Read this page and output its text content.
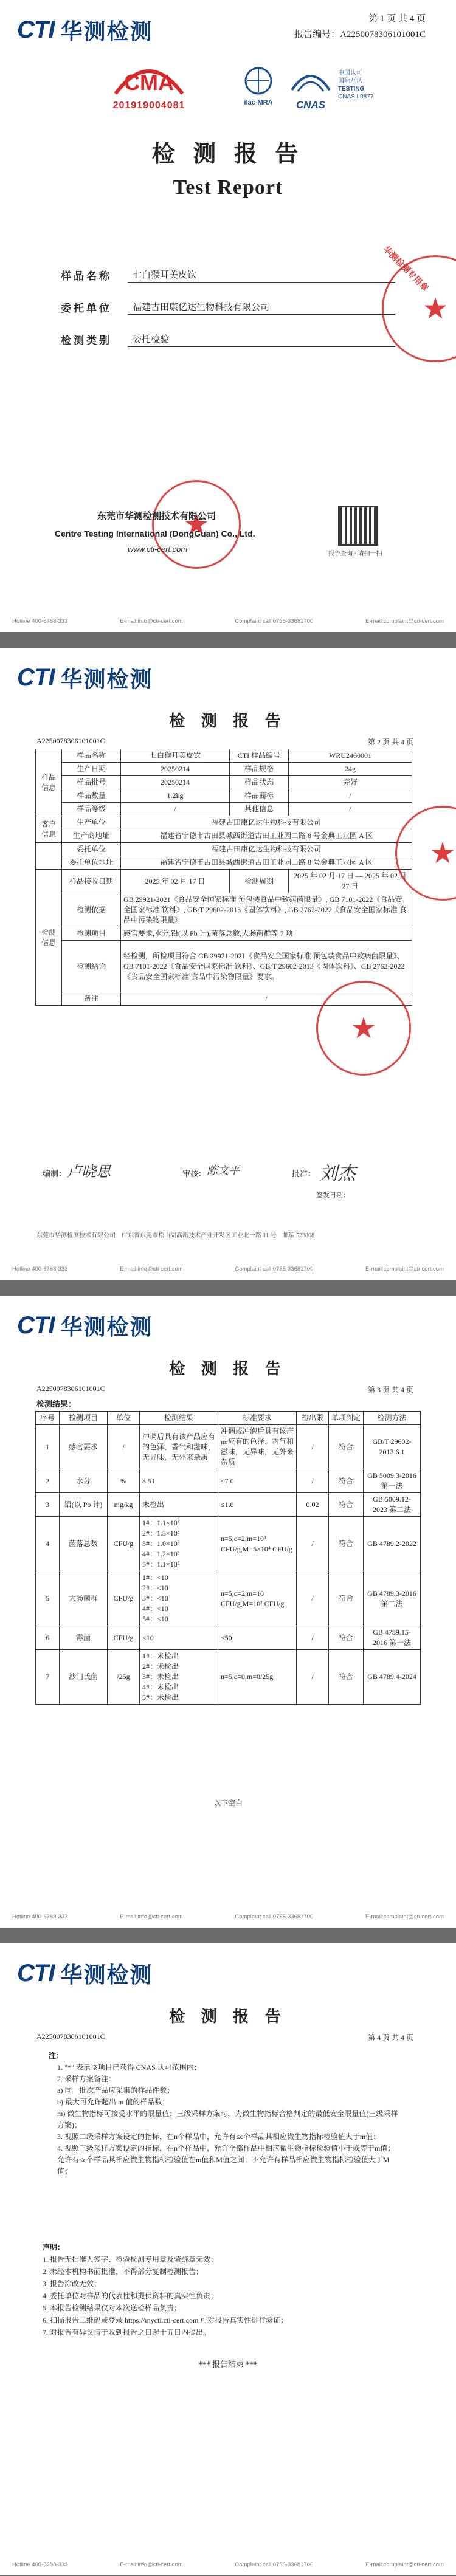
CTI 华测检测	第 1 页 共 4 页
报告编号：A2250078306101001C
CMA
201919004081	ilac-MRA	CNAS
中国认可
国际互认
TESTING
CNAS L0877
检 测 报 告
Test Report
★
华测检测专用章
样品名称	七白猴耳美皮饮
委托单位	福建古田康亿达生物科技有限公司
检测类别	委托检验
★
东莞市华测检测技术有限公司
Centre Testing International (DongGuan) Co., Ltd.
www.cti-cert.com
报告查询 · 请扫一扫
Hotline 400-6788-333	E-mail:info@cti-cert.com	Complaint call 0755-33681700	E-mail:complaint@cti-cert.com
CTI 华测检测
检 测 报 告
A2250078306101001C	第 2 页 共 4 页
样品信息	样品名称	七白猴耳美皮饮	CTI 样品编号	WRU2460001
	生产日期	20250214	样品规格	24g
	样品批号	20250214	样品状态	完好
	样品数量	1.2kg	样品商标	/
	样品等级	/	其他信息	/
客户信息	生产单位	福建古田康亿达生物科技有限公司		
	生产商地址	福建省宁德市古田县城西街道古田工业园二路 8 号金典工业园 A 区		
	委托单位	福建古田康亿达生物科技有限公司		
	委托单位地址	福建省宁德市古田县城西街道古田工业园二路 8 号金典工业园 A 区		
检测信息	样品接收日期	2025 年 02 月 17 日	检测周期	2025 年 02 月 17 日 — 2025 年 02 月 27 日
	检测依据	GB 29921-2021《食品安全国家标准 预包装食品中致病菌限量》, GB 7101-2022《食品安全国家标准 饮料》, GB/T 29602-2013《固体饮料》, GB 2762-2022《食品安全国家标准 食品中污染物限量》		
	检测项目	感官要求,水分,铅(以 Pb 计),菌落总数,大肠菌群等 7 项		
	检测结论	经检测，所检项目符合 GB 29921-2021《食品安全国家标准 预包装食品中致病菌限量》、GB 7101-2022《食品安全国家标准 饮料》、GB/T 29602-2013《固体饮料》、GB 2762-2022《食品安全国家标准 食品中污染物限量》要求。		
	备注	/		
★
★
编制： 卢晓思	审核： 陈文平	批准： 刘杰
签发日期：
东莞市华测检测技术有限公司　广东省东莞市松山湖高新技术产业开发区工业北一路 11 号　邮编 523808
Hotline 400-6788-333	E-mail:info@cti-cert.com	Complaint call 0755-33681700	E-mail:complaint@cti-cert.com
CTI 华测检测
检 测 报 告
A2250078306101001C	第 3 页 共 4 页
检测结果：
序号	检测项目	单位	检测结果	标准要求	检出限	单项判定	检测方法
1	感官要求	/	冲调后具有该产品应有的色泽、香气和滋味，无异味，无外来杂质	冲调或冲泡后具有该产品应有的色泽、香气和滋味，无异味，无外来杂质	/	符合	GB/T 29602-2013 6.1
2	水分	%	3.51	≤7.0	/	符合	GB 5009.3-2016 第一法
3	铅(以 Pb 计)	mg/kg	未检出	≤1.0	0.02	符合	GB 5009.12-2023 第二法
4	菌落总数	CFU/g	1#：1.1×10³
2#：1.3×10³
3#：1.0×10³
4#：1.2×10³
5#：1.1×10³	n=5,c=2,m=10³ CFU/g,M=5×10⁴ CFU/g	/	符合	GB 4789.2-2022
5	大肠菌群	CFU/g	1#：<10
2#：<10
3#：<10
4#：<10
5#：<10	n=5,c=2,m=10 CFU/g,M=10² CFU/g	/	符合	GB 4789.3-2016 第二法
6	霉菌	CFU/g	<10	≤50	/	符合	GB 4789.15-2016 第一法
7	沙门氏菌	/25g	1#：未检出
2#：未检出
3#：未检出
4#：未检出
5#：未检出	n=5,c=0,m=0/25g	/	符合	GB 4789.4-2024
以下空白
Hotline 400-6788-333	E-mail:info@cti-cert.com	Complaint call 0755-33681700	E-mail:complaint@cti-cert.com
CTI 华测检测
检 测 报 告
A2250078306101001C	第 4 页 共 4 页
注：
1. "*" 表示该项目已获得 CNAS 认可范围内；
2. 采样方案备注：
a) 同一批次产品应采集的样品件数；
b) 最大可允许超出 m 值的样品数；
m) 微生物指标可接受水平的限量值；三级采样方案时，为微生物指标合格判定的最低安全限量值(三级采样方案)；
3. 视照二级采样方案设定的指标，在n个样品中，允许有≤c个样品其相应微生物指标检验值大于m值；
4. 视照三级采样方案设定的指标，在n个样品中，允许全部样品中相应微生物指标检验值小于或等于m值；允许有≤c个样品其相应微生物指标检验值在m值和M值之间；不允许有样品相应微生物指标检验值大于M值；
声明：
1. 报告无批准人签字、检验检测专用章及骑缝章无效；
2. 未经本机构书面批准，不得部分复制检测报告；
3. 报告涂改无效；
4. 委托单位对样品的代表性和提供资料的真实性负责；
5. 本报告检测结果仅对本次送检样品负责；
6. 扫描报告二维码或登录 https://mycti.cti-cert.com 可对报告真实性进行验证；
7. 对报告有异议请于收到报告之日起十五日内提出。
*** 报告结束 ***
Hotline 400-6788-333	E-mail:info@cti-cert.com	Complaint call 0755-33681700	E-mail:complaint@cti-cert.com
